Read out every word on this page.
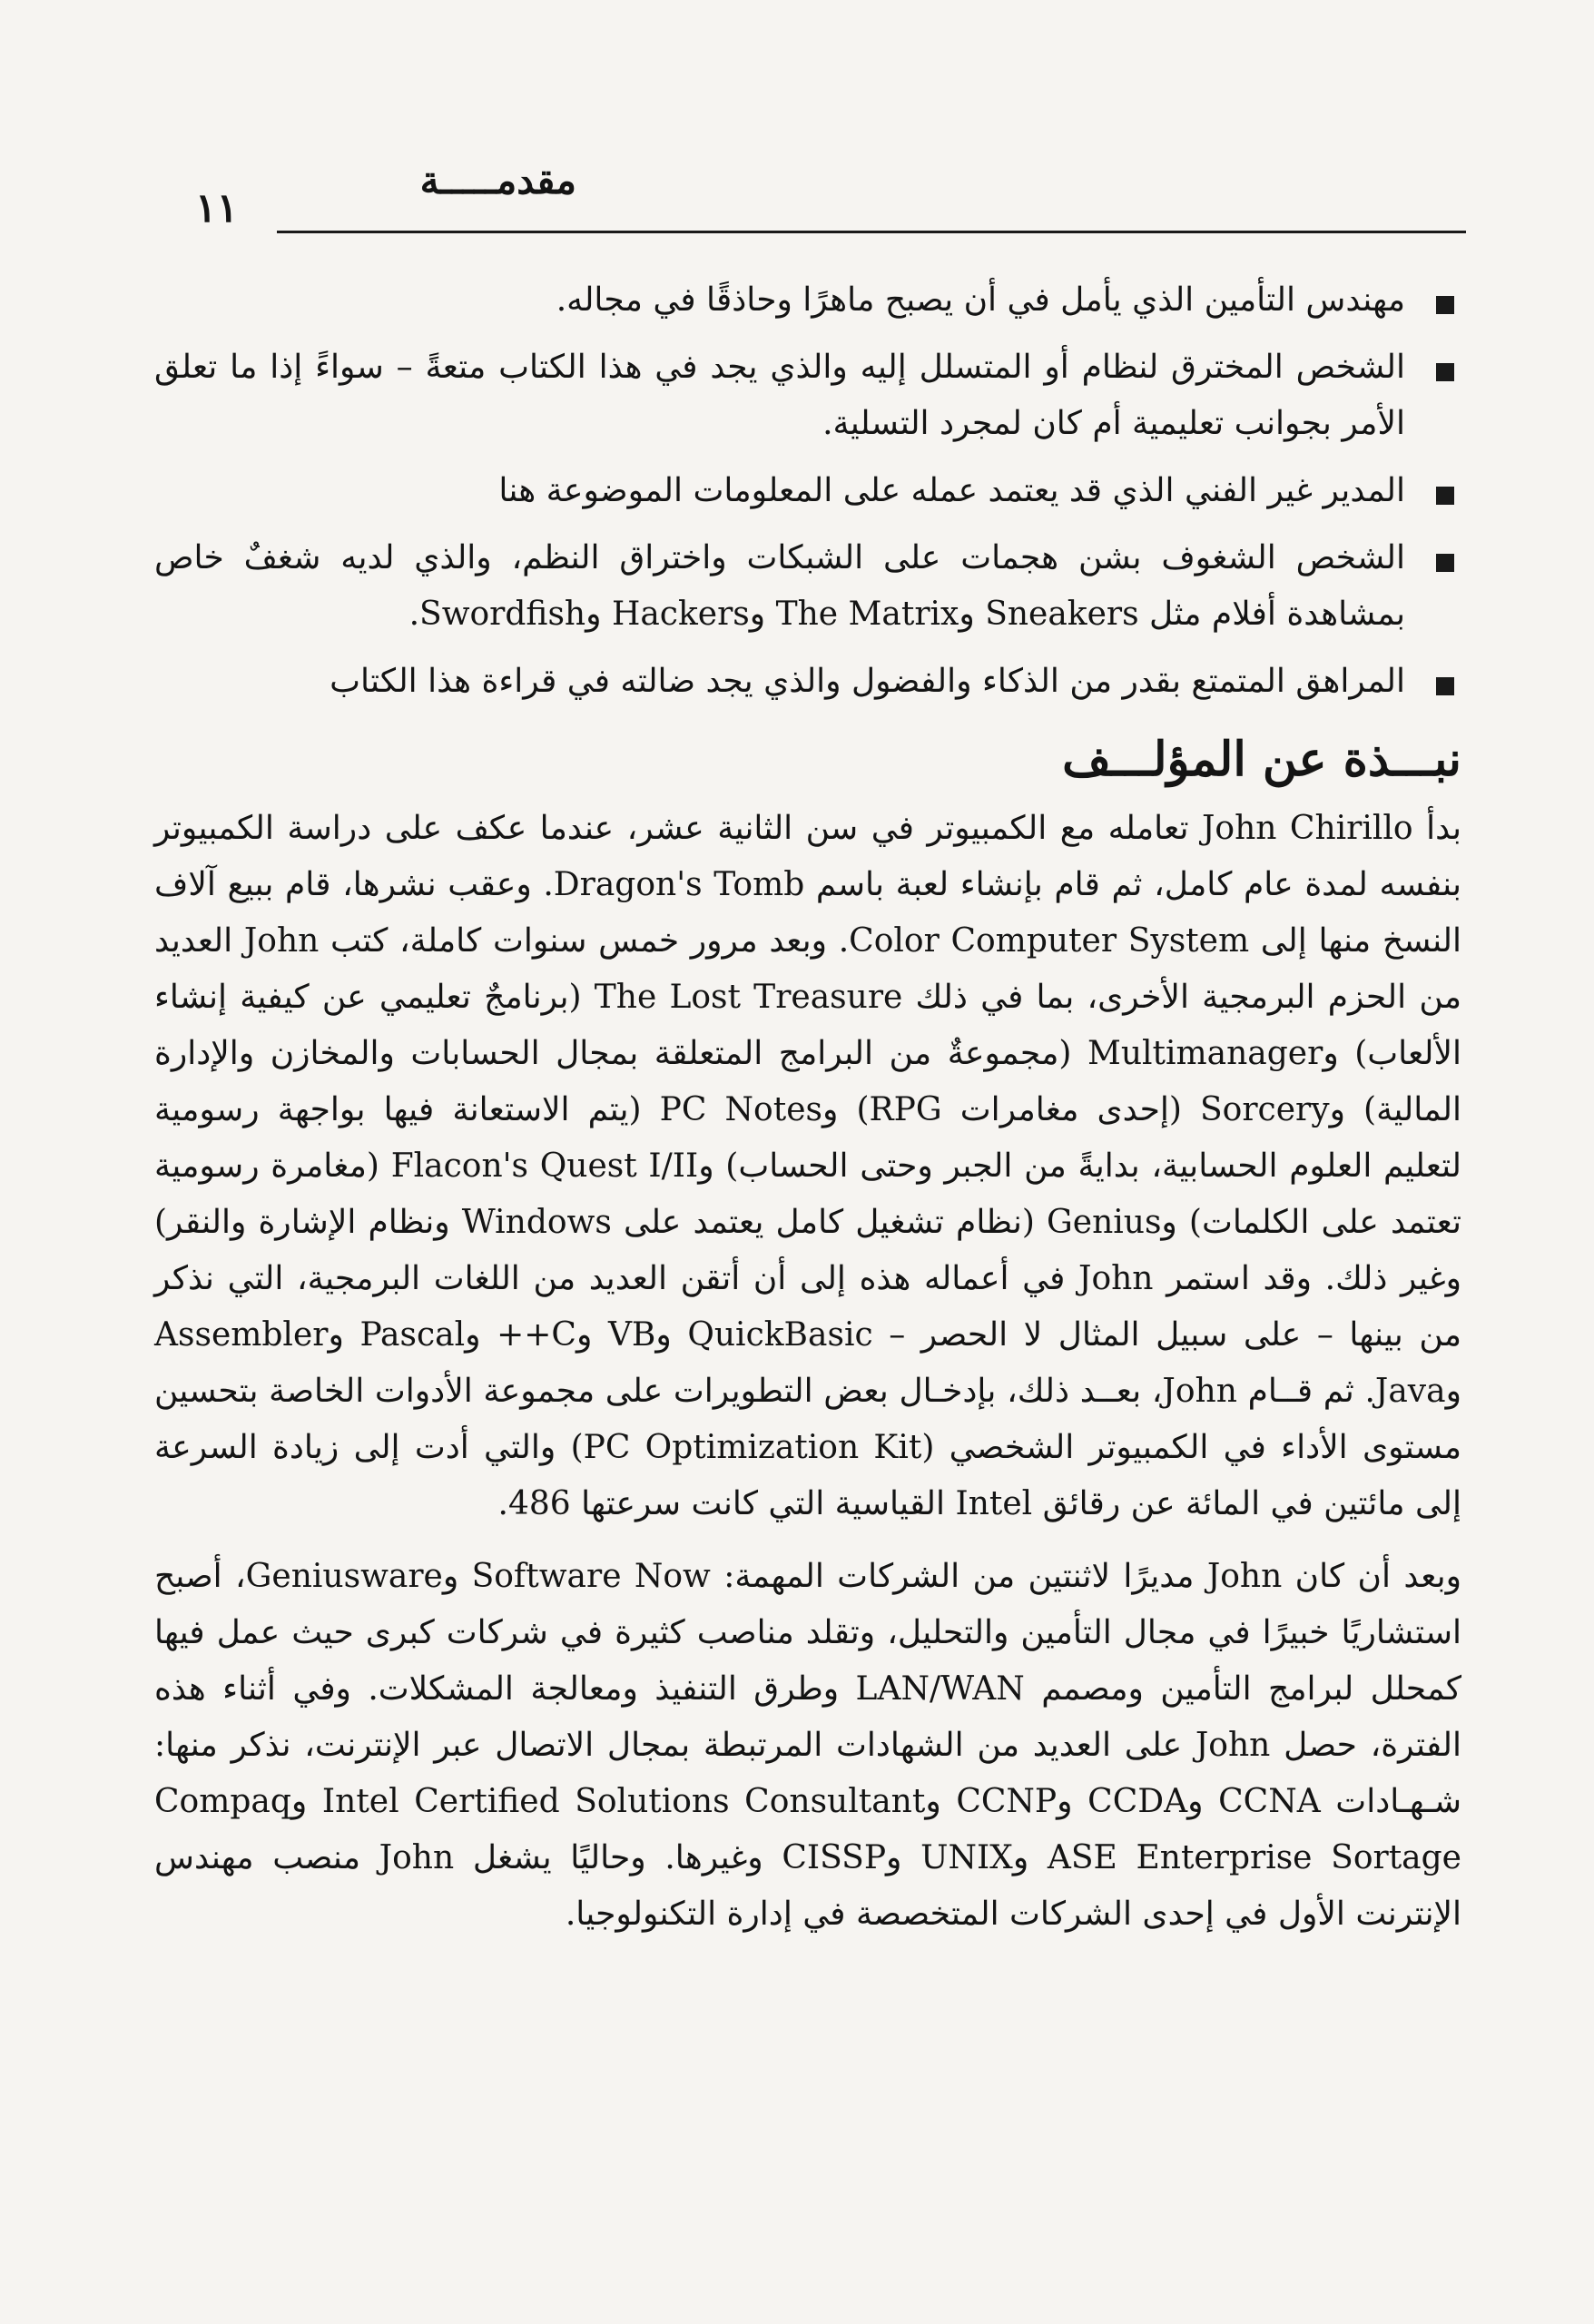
١١
مقدمـــــة
مهندس التأمين الذي يأمل في أن يصبح ماهرًا وحاذقًا في مجاله.
الشخص المخترق لنظام أو المتسلل إليه والذي يجد في هذا الكتاب متعةً – سواءً إذا ما تعلق الأمر بجوانب تعليمية أم كان لمجرد التسلية.
المدير غير الفني الذي قد يعتمد عمله على المعلومات الموضوعة هنا
الشخص الشغوف بشن هجمات على الشبكات واختراق النظم، والذي لديه شغفٌ خاص بمشاهدة أفلام مثل Sneakers وThe Matrix وHackers وSwordfish.
المراهق المتمتع بقدر من الذكاء والفضول والذي يجد ضالته في قراءة هذا الكتاب
نبـــذة عن المؤلـــف

بدأ John Chirillo تعامله مع الكمبيوتر في سن الثانية عشر، عندما عكف على دراسة الكمبيوتر بنفسه لمدة عام كامل، ثم قام بإنشاء لعبة باسم Dragon's Tomb. وعقب نشرها، قام ببيع آلاف النسخ منها إلى Color Computer System. وبعد مرور خمس سنوات كاملة، كتب John العديد من الحزم البرمجية الأخرى، بما في ذلك The Lost Treasure (برنامجٌ تعليمي عن كيفية إنشاء الألعاب) وMultimanager (مجموعةٌ من البرامج المتعلقة بمجال الحسابات والمخازن والإدارة المالية) وSorcery (إحدى مغامرات RPG) وPC Notes (يتم الاستعانة فيها بواجهة رسومية لتعليم العلوم الحسابية، بدايةً من الجبر وحتى الحساب) وFlacon's Quest I/II (مغامرة رسومية تعتمد على الكلمات) وGenius (نظام تشغيل كامل يعتمد على Windows ونظام الإشارة والنقر) وغير ذلك. وقد استمر John في أعماله هذه إلى أن أتقن العديد من اللغات البرمجية، التي نذكر من بينها – على سبيل المثال لا الحصر – QuickBasic وVB وC++ وPascal وAssembler وJava. ثم قــام John، بعــد ذلك، بإدخـال بعض التطويرات على مجموعة الأدوات الخاصة بتحسين مستوى الأداء في الكمبيوتر الشخصي (PC Optimization Kit) والتي أدت إلى زيادة السرعة إلى مائتين في المائة عن رقائق Intel القياسية التي كانت سرعتها 486.

وبعد أن كان John مديرًا لاثنتين من الشركات المهمة: Software Now وGeniusware، أصبح استشاريًا خبيرًا في مجال التأمين والتحليل، وتقلد مناصب كثيرة في شركات كبرى حيث عمل فيها كمحلل لبرامج التأمين ومصمم LAN/WAN وطرق التنفيذ ومعالجة المشكلات. وفي أثناء هذه الفترة، حصل John على العديد من الشهادات المرتبطة بمجال الاتصال عبر الإنترنت، نذكر منها: شـهـادات CCNA وCCDA وCCNP وIntel Certified Solutions Consultant وCompaq ASE Enterprise Sortage وUNIX وCISSP وغيرها. وحاليًا يشغل John منصب مهندس الإنترنت الأول في إحدى الشركات المتخصصة في إدارة التكنولوجيا.
